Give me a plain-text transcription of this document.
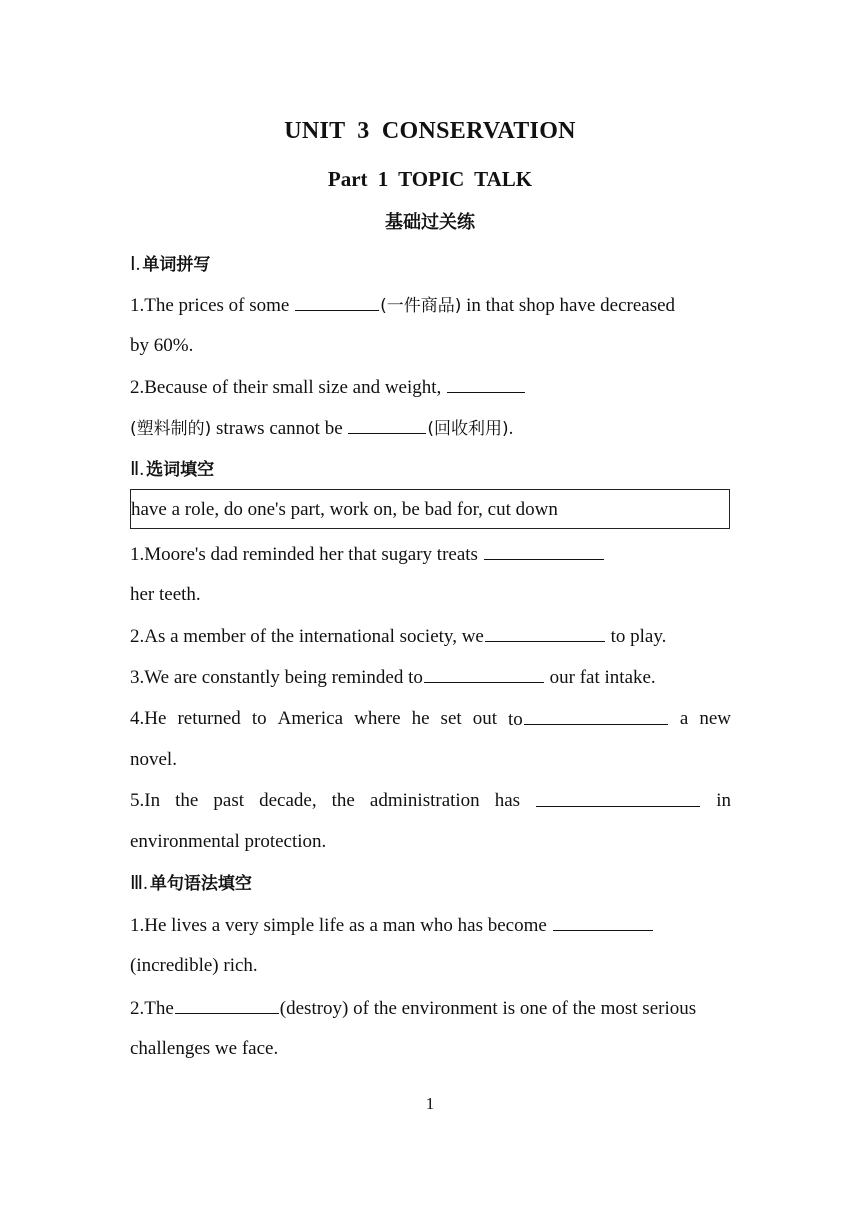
UNIT 3 CONSERVATION
Part 1 TOPIC TALK
基础过关练
Ⅰ. 单词拼写
1.The prices of some	(一件商品) in that shop have decreased
by 60%.
2.Because of their small size and weight,
(塑料制的) straws cannot be	(回收利用).
Ⅱ. 选词填空
have a role, do one's part, work on, be bad for, cut down
1.Moore's dad reminded her that sugary treats
her teeth.
2.As a member of the international society, we	to play.
3.We are constantly being reminded to	our fat intake.
4.He returned to America where he set out to	a new
novel.
5.In the past decade, the administration has	in
environmental protection.
Ⅲ. 单句语法填空
1.He lives a very simple life as a man who has become
(incredible) rich.
2.The	(destroy) of the environment is one of the most serious
challenges we face.
1
